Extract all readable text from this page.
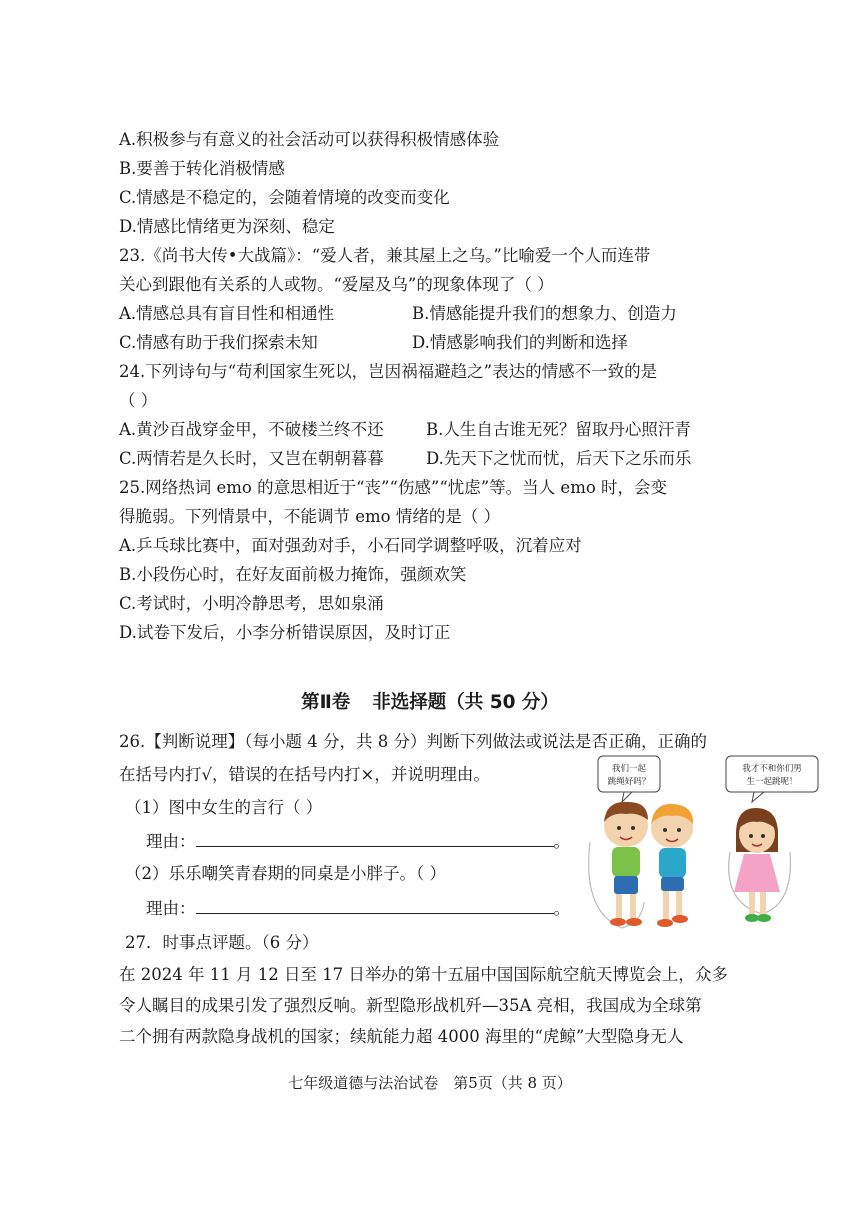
A.积极参与有意义的社会活动可以获得积极情感体验
B.要善于转化消极情感
C.情感是不稳定的，会随着情境的改变而变化
D.情感比情绪更为深刻、稳定
23.《尚书大传•大战篇》：“爱人者，兼其屋上之乌。”比喻爱一个人而连带
关心到跟他有关系的人或物。“爱屋及乌”的现象体现了（ ）
A.情感总具有盲目性和相通性	B.情感能提升我们的想象力、创造力
C.情感有助于我们探索未知	D.情感影响我们的判断和选择
24.下列诗句与“苟利国家生死以，岂因祸福避趋之”表达的情感不一致的是
（ ）
A.黄沙百战穿金甲，不破楼兰终不还	B.人生自古谁无死？留取丹心照汗青
C.两情若是久长时，又岂在朝朝暮暮	D.先天下之忧而忧，后天下之乐而乐
25.网络热词 emo 的意思相近于“丧”“伤感”“忧虑”等。当人 emo 时，会变
得脆弱。下列情景中，不能调节 emo 情绪的是（ ）
A.乒乓球比赛中，面对强劲对手，小石同学调整呼吸，沉着应对
B.小段伤心时，在好友面前极力掩饰，强颜欢笑
C.考试时，小明冷静思考，思如泉涌
D.试卷下发后，小李分析错误原因，及时订正
第Ⅱ卷 非选择题（共 50 分）
26.【判断说理】（每小题 4 分，共 8 分）判断下列做法或说法是否正确，正确的
在括号内打√，错误的在括号内打×，并说明理由。
（1）图中女生的言行（ ）
理由：	。
（2）乐乐嘲笑青春期的同桌是小胖子。（ ）
理由：	。
我们一起
跳绳好吗？
我才不和你们男
生一起跳呢！
27．时事点评题。（6 分）
在 2024 年 11 月 12 日至 17 日举办的第十五届中国国际航空航天博览会上，众多
令人瞩目的成果引发了强烈反响。新型隐形战机歼—35A 亮相，我国成为全球第
二个拥有两款隐身战机的国家；续航能力超 4000 海里的“虎鲸”大型隐身无人
七年级道德与法治试卷　第5页（共 8 页）
